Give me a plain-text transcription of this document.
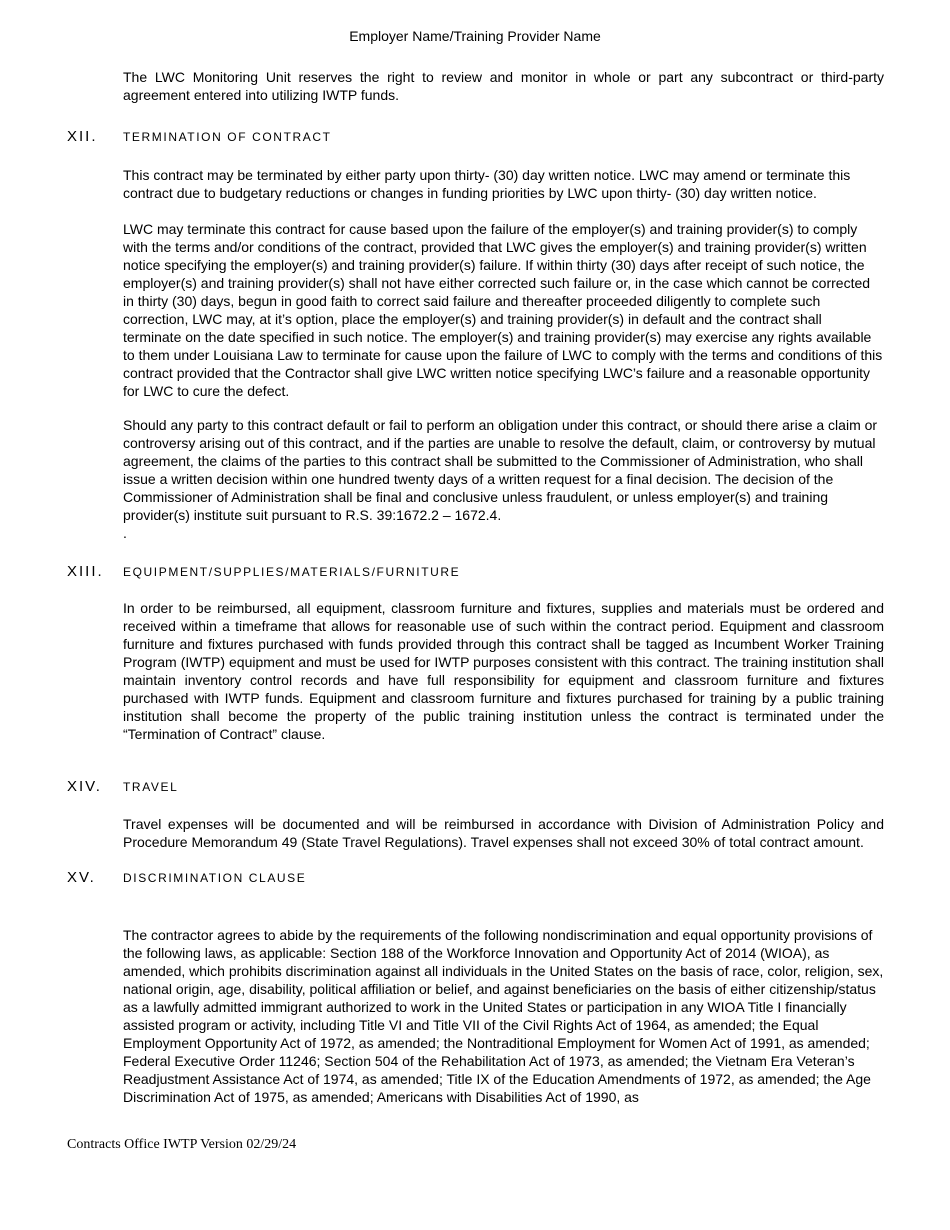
Employer Name/Training Provider Name

The LWC Monitoring Unit reserves the right to review and monitor in whole or part any subcontract or third-party agreement entered into utilizing IWTP funds.

XII. TERMINATION OF CONTRACT

This contract may be terminated by either party upon thirty- (30) day written notice. LWC may amend or terminate this contract due to budgetary reductions or changes in funding priorities by LWC upon thirty- (30) day written notice.

LWC may terminate this contract for cause based upon the failure of the employer(s) and training provider(s) to comply with the terms and/or conditions of the contract, provided that LWC gives the employer(s) and training provider(s) written notice specifying the employer(s) and training provider(s) failure. If within thirty (30) days after receipt of such notice, the employer(s) and training provider(s) shall not have either corrected such failure or, in the case which cannot be corrected in thirty (30) days, begun in good faith to correct said failure and thereafter proceeded diligently to complete such correction, LWC may, at it’s option, place the employer(s) and training provider(s) in default and the contract shall terminate on the date specified in such notice. The employer(s) and training provider(s) may exercise any rights available to them under Louisiana Law to terminate for cause upon the failure of LWC to comply with the terms and conditions of this contract provided that the Contractor shall give LWC written notice specifying LWC’s failure and a reasonable opportunity for LWC to cure the defect.

Should any party to this contract default or fail to perform an obligation under this contract, or should there arise a claim or controversy arising out of this contract, and if the parties are unable to resolve the default, claim, or controversy by mutual agreement, the claims of the parties to this contract shall be submitted to the Commissioner of Administration, who shall issue a written decision within one hundred twenty days of a written request for a final decision. The decision of the Commissioner of Administration shall be final and conclusive unless fraudulent, or unless employer(s) and training provider(s) institute suit pursuant to R.S. 39:1672.2 – 1672.4.

.

XIII. EQUIPMENT/SUPPLIES/MATERIALS/FURNITURE

In order to be reimbursed, all equipment, classroom furniture and fixtures, supplies and materials must be ordered and received within a timeframe that allows for reasonable use of such within the contract period. Equipment and classroom furniture and fixtures purchased with funds provided through this contract shall be tagged as Incumbent Worker Training Program (IWTP) equipment and must be used for IWTP purposes consistent with this contract. The training institution shall maintain inventory control records and have full responsibility for equipment and classroom furniture and fixtures purchased with IWTP funds. Equipment and classroom furniture and fixtures purchased for training by a public training institution shall become the property of the public training institution unless the contract is terminated under the “Termination of Contract” clause.

XIV. TRAVEL

Travel expenses will be documented and will be reimbursed in accordance with Division of Administration Policy and Procedure Memorandum 49 (State Travel Regulations). Travel expenses shall not exceed 30% of total contract amount.

XV. DISCRIMINATION CLAUSE

The contractor agrees to abide by the requirements of the following nondiscrimination and equal opportunity provisions of the following laws, as applicable: Section 188 of the Workforce Innovation and Opportunity Act of 2014 (WIOA), as amended, which prohibits discrimination against all individuals in the United States on the basis of race, color, religion, sex, national origin, age, disability, political affiliation or belief, and against beneficiaries on the basis of either citizenship/status as a lawfully admitted immigrant authorized to work in the United States or participation in any WIOA Title I financially assisted program or activity, including Title VI and Title VII of the Civil Rights Act of 1964, as amended; the Equal Employment Opportunity Act of 1972, as amended; the Nontraditional Employment for Women Act of 1991, as amended; Federal Executive Order 11246; Section 504 of the Rehabilitation Act of 1973, as amended; the Vietnam Era Veteran’s Readjustment Assistance Act of 1974, as amended; Title IX of the Education Amendments of 1972, as amended; the Age Discrimination Act of 1975, as amended; Americans with Disabilities Act of 1990, as

Contracts Office IWTP Version 02/29/24
